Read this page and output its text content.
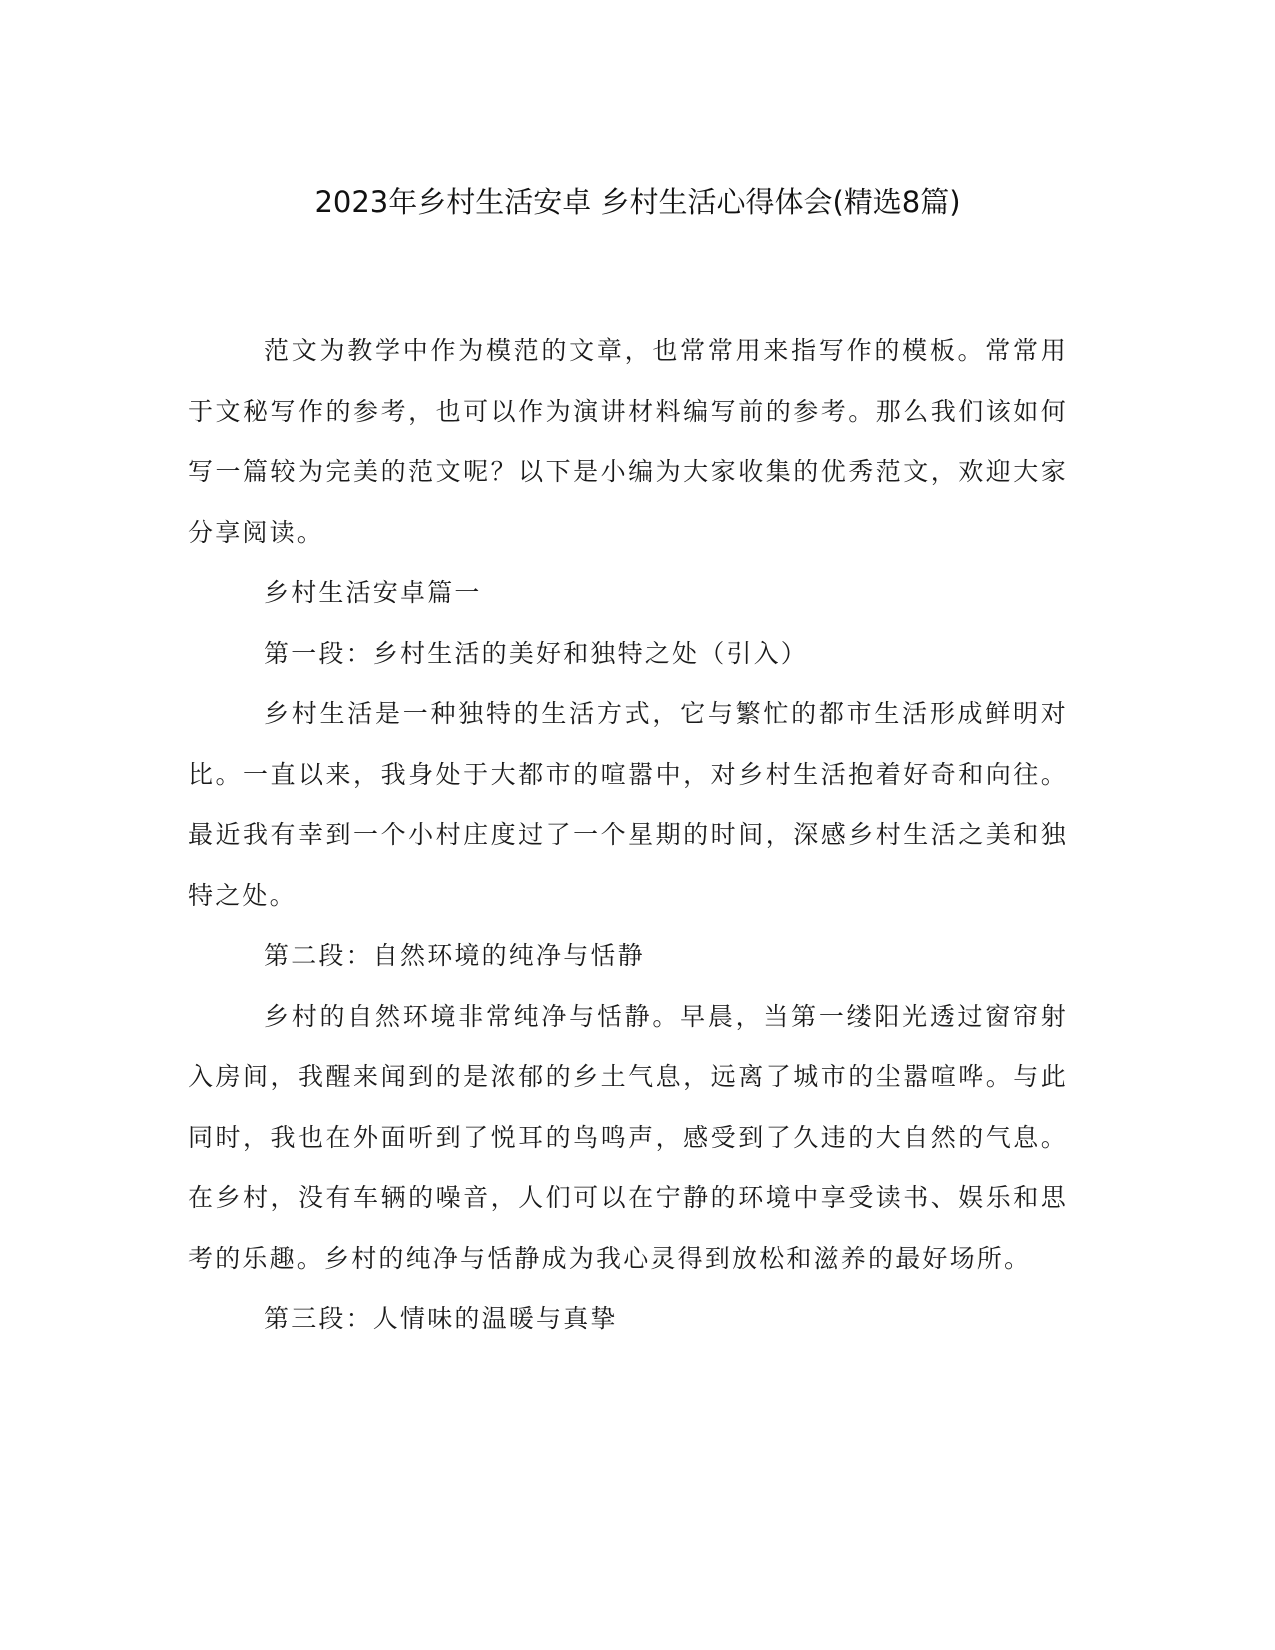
2023年乡村生活安卓 乡村生活心得体会(精选8篇)

范文为教学中作为模范的文章，也常常用来指写作的模板。常常用于文秘写作的参考，也可以作为演讲材料编写前的参考。那么我们该如何写一篇较为完美的范文呢？以下是小编为大家收集的优秀范文，欢迎大家分享阅读。

乡村生活安卓篇一

第一段：乡村生活的美好和独特之处（引入）

乡村生活是一种独特的生活方式，它与繁忙的都市生活形成鲜明对比。一直以来，我身处于大都市的喧嚣中，对乡村生活抱着好奇和向往。最近我有幸到一个小村庄度过了一个星期的时间，深感乡村生活之美和独特之处。

第二段：自然环境的纯净与恬静

乡村的自然环境非常纯净与恬静。早晨，当第一缕阳光透过窗帘射入房间，我醒来闻到的是浓郁的乡土气息，远离了城市的尘嚣喧哗。与此同时，我也在外面听到了悦耳的鸟鸣声，感受到了久违的大自然的气息。在乡村，没有车辆的噪音，人们可以在宁静的环境中享受读书、娱乐和思考的乐趣。乡村的纯净与恬静成为我心灵得到放松和滋养的最好场所。

第三段：人情味的温暖与真挚
